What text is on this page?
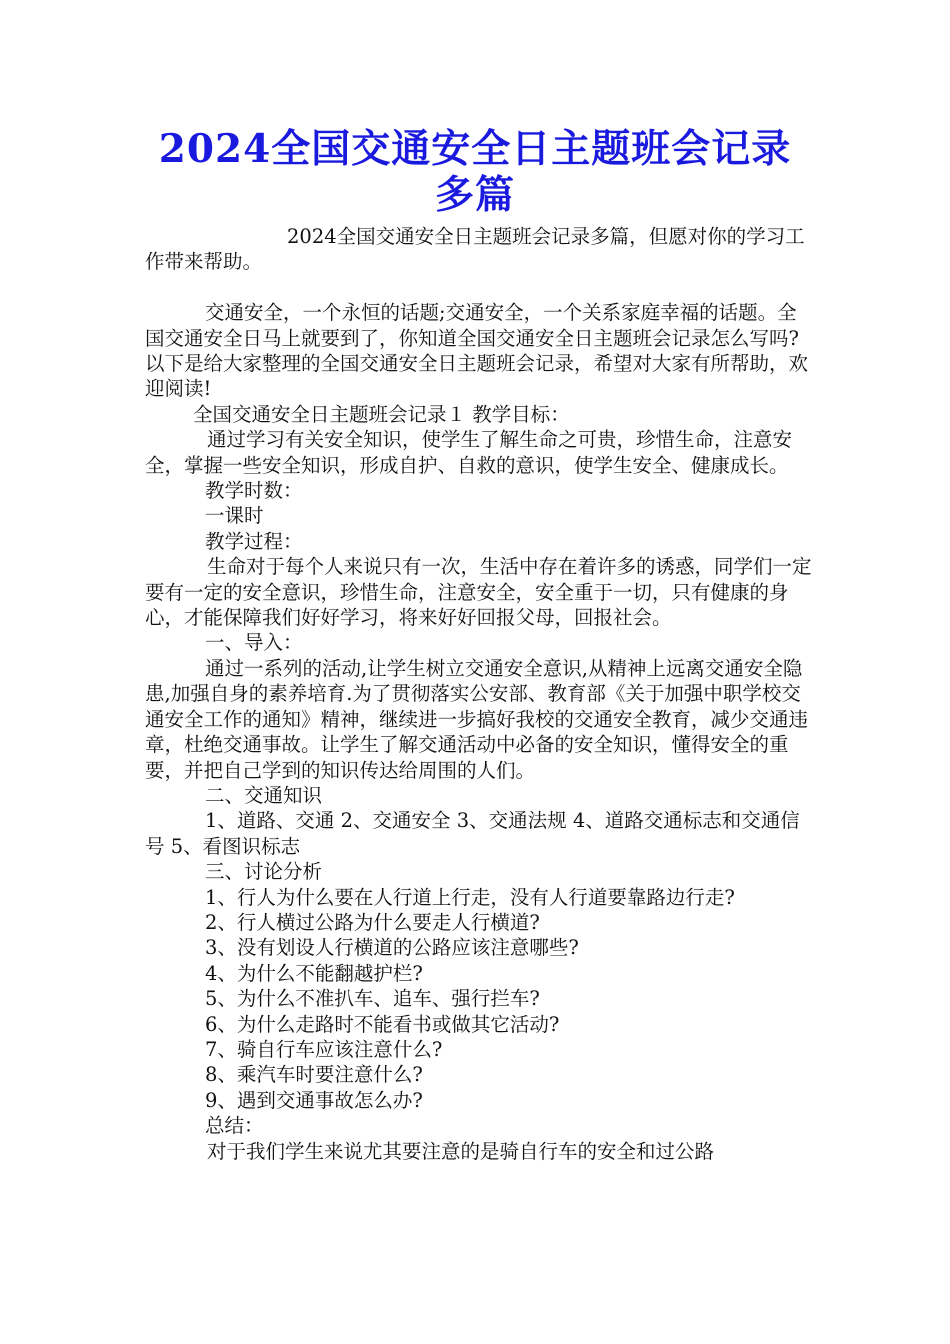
2024全国交通安全日主题班会记录
多篇

2024全国交通安全日主题班会记录多篇，但愿对你的学习工作带来帮助。

交通安全，一个永恒的话题;交通安全，一个关系家庭幸福的话题。全国交通安全日马上就要到了，你知道全国交通安全日主题班会记录怎么写吗?以下是给大家整理的全国交通安全日主题班会记录，希望对大家有所帮助，欢迎阅读!

全国交通安全日主题班会记录１ 教学目标：

通过学习有关安全知识，使学生了解生命之可贵，珍惜生命，注意安全，掌握一些安全知识，形成自护、自救的意识，使学生安全、健康成长。

教学时数：

一课时

教学过程：

生命对于每个人来说只有一次，生活中存在着许多的诱惑，同学们一定要有一定的安全意识，珍惜生命，注意安全，安全重于一切，只有健康的身心，才能保障我们好好学习，将来好好回报父母，回报社会。

一、导入：

通过一系列的活动,让学生树立交通安全意识,从精神上远离交通安全隐患,加强自身的素养培育.为了贯彻落实公安部、教育部《关于加强中职学校交通安全工作的通知》精神，继续进一步搞好我校的交通安全教育，减少交通违章，杜绝交通事故。让学生了解交通活动中必备的安全知识，懂得安全的重要，并把自己学到的知识传达给周围的人们。

二、交通知识

1、道路、交通 2、交通安全 3、交通法规 4、道路交通标志和交通信号 5、看图识标志

三、讨论分析

1、行人为什么要在人行道上行走，没有人行道要靠路边行走?

2、行人横过公路为什么要走人行横道?

3、没有划设人行横道的公路应该注意哪些?

4、为什么不能翻越护栏?

5、为什么不准扒车、追车、强行拦车?

6、为什么走路时不能看书或做其它活动?

7、骑自行车应该注意什么?

8、乘汽车时要注意什么?

9、遇到交通事故怎么办?

总结：

对于我们学生来说尤其要注意的是骑自行车的安全和过公路
